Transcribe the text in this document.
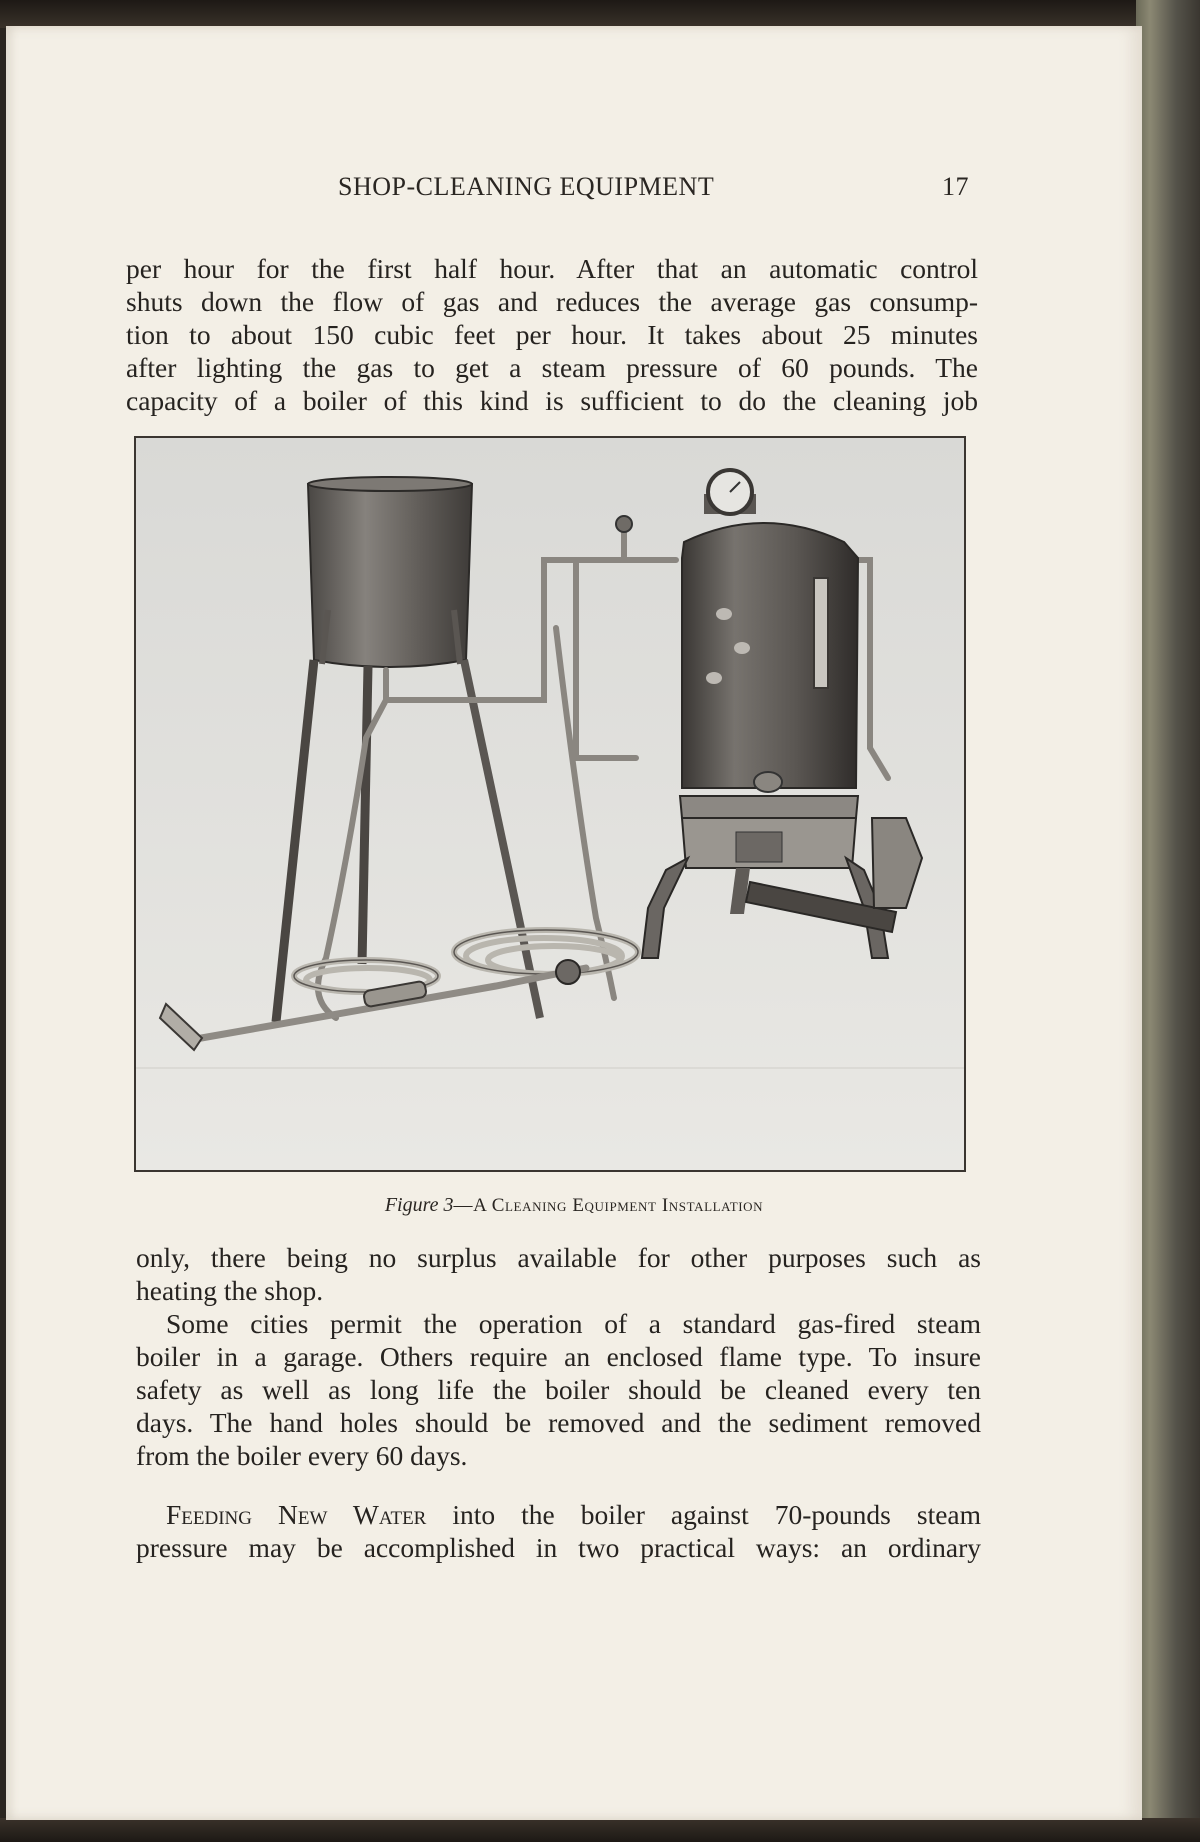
SHOP-CLEANING EQUIPMENT	17
per hour for the first half hour. After that an automatic control
shuts down the flow of gas and reduces the average gas consump-
tion to about 150 cubic feet per hour. It takes about 25 minutes
after lighting the gas to get a steam pressure of 60 pounds. The
capacity of a boiler of this kind is sufficient to do the cleaning job
Figure 3—A Cleaning Equipment Installation
only, there being no surplus available for other purposes such as
heating the shop.
Some cities permit the operation of a standard gas-fired steam
boiler in a garage. Others require an enclosed flame type. To insure
safety as well as long life the boiler should be cleaned every ten
days. The hand holes should be removed and the sediment removed
from the boiler every 60 days.
Feeding New Water into the boiler against 70-pounds steam
pressure may be accomplished in two practical ways: an ordinary
